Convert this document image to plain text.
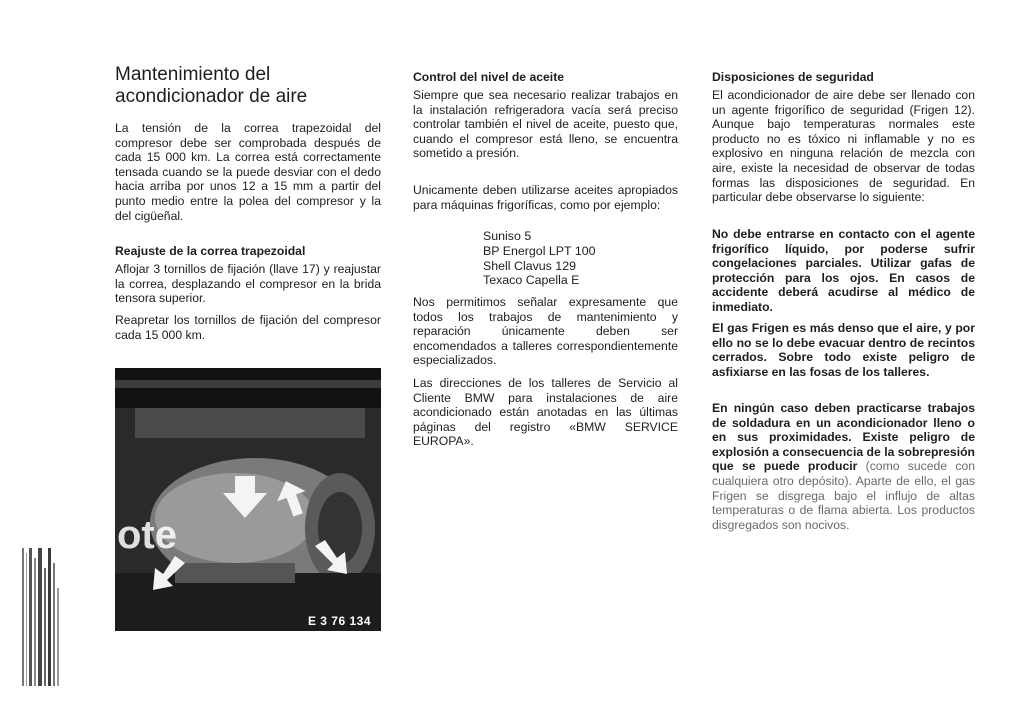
Mantenimiento del acondicionador de aire

La tensión de la correa trapezoidal del compresor debe ser comprobada después de cada 15 000 km. La correa está correctamente tensada cuando se la puede desviar con el dedo hacia arriba por unos 12 a 15 mm a partir del punto medio entre la polea del compresor y la del cigüeñal.

Reajuste de la correa trapezoidal

Aflojar 3 tornillos de fijación (llave 17) y reajustar la correa, desplazando el compresor en la brida tensora superior.

Reapretar los tornillos de fijación del compresor cada 15 000 km.

ote
E 3 76 134
Control del nivel de aceite

Siempre que sea necesario realizar trabajos en la instalación refrigeradora vacía será preciso controlar también el nivel de aceite, puesto que, cuando el compresor está lleno, se encuentra sometido a presión.

Unicamente deben utilizarse aceites apropiados para máquinas frigoríficas, como por ejemplo:

Suniso 5
BP Energol LPT 100
Shell Clavus 129
Texaco Capella E

Nos permitimos señalar expresamente que todos los trabajos de mantenimiento y reparación únicamente deben ser encomendados a talleres correspondientemente especializados.

Las direcciones de los talleres de Servicio al Cliente BMW para instalaciones de aire acondicionado están anotadas en las últimas páginas del registro «BMW SERVICE EUROPA».

Disposiciones de seguridad

El acondicionador de aire debe ser llenado con un agente frigorífico de seguridad (Frigen 12). Aunque bajo temperaturas normales este producto no es tóxico ni inflamable y no es explosivo en ninguna relación de mezcla con aire, existe la necesidad de observar de todas formas las disposiciones de seguridad. En particular debe observarse lo siguiente:

No debe entrarse en contacto con el agente frigorífico líquido, por poderse sufrir congelaciones parciales. Utilizar gafas de protección para los ojos. En casos de accidente deberá acudirse al médico de inmediato.

El gas Frigen es más denso que el aire, y por ello no se lo debe evacuar dentro de recintos cerrados. Sobre todo existe peligro de asfixiarse en las fosas de los talleres.

En ningún caso deben practicarse trabajos de soldadura en un acondicionador lleno o en sus proximidades. Existe peligro de explosión a consecuencia de la sobrepresión que se puede producir (como sucede con cualquiera otro depósito). Aparte de ello, el gas Frigen se disgrega bajo el influjo de altas temperaturas o de flama abierta. Los productos disgregados son nocivos.
